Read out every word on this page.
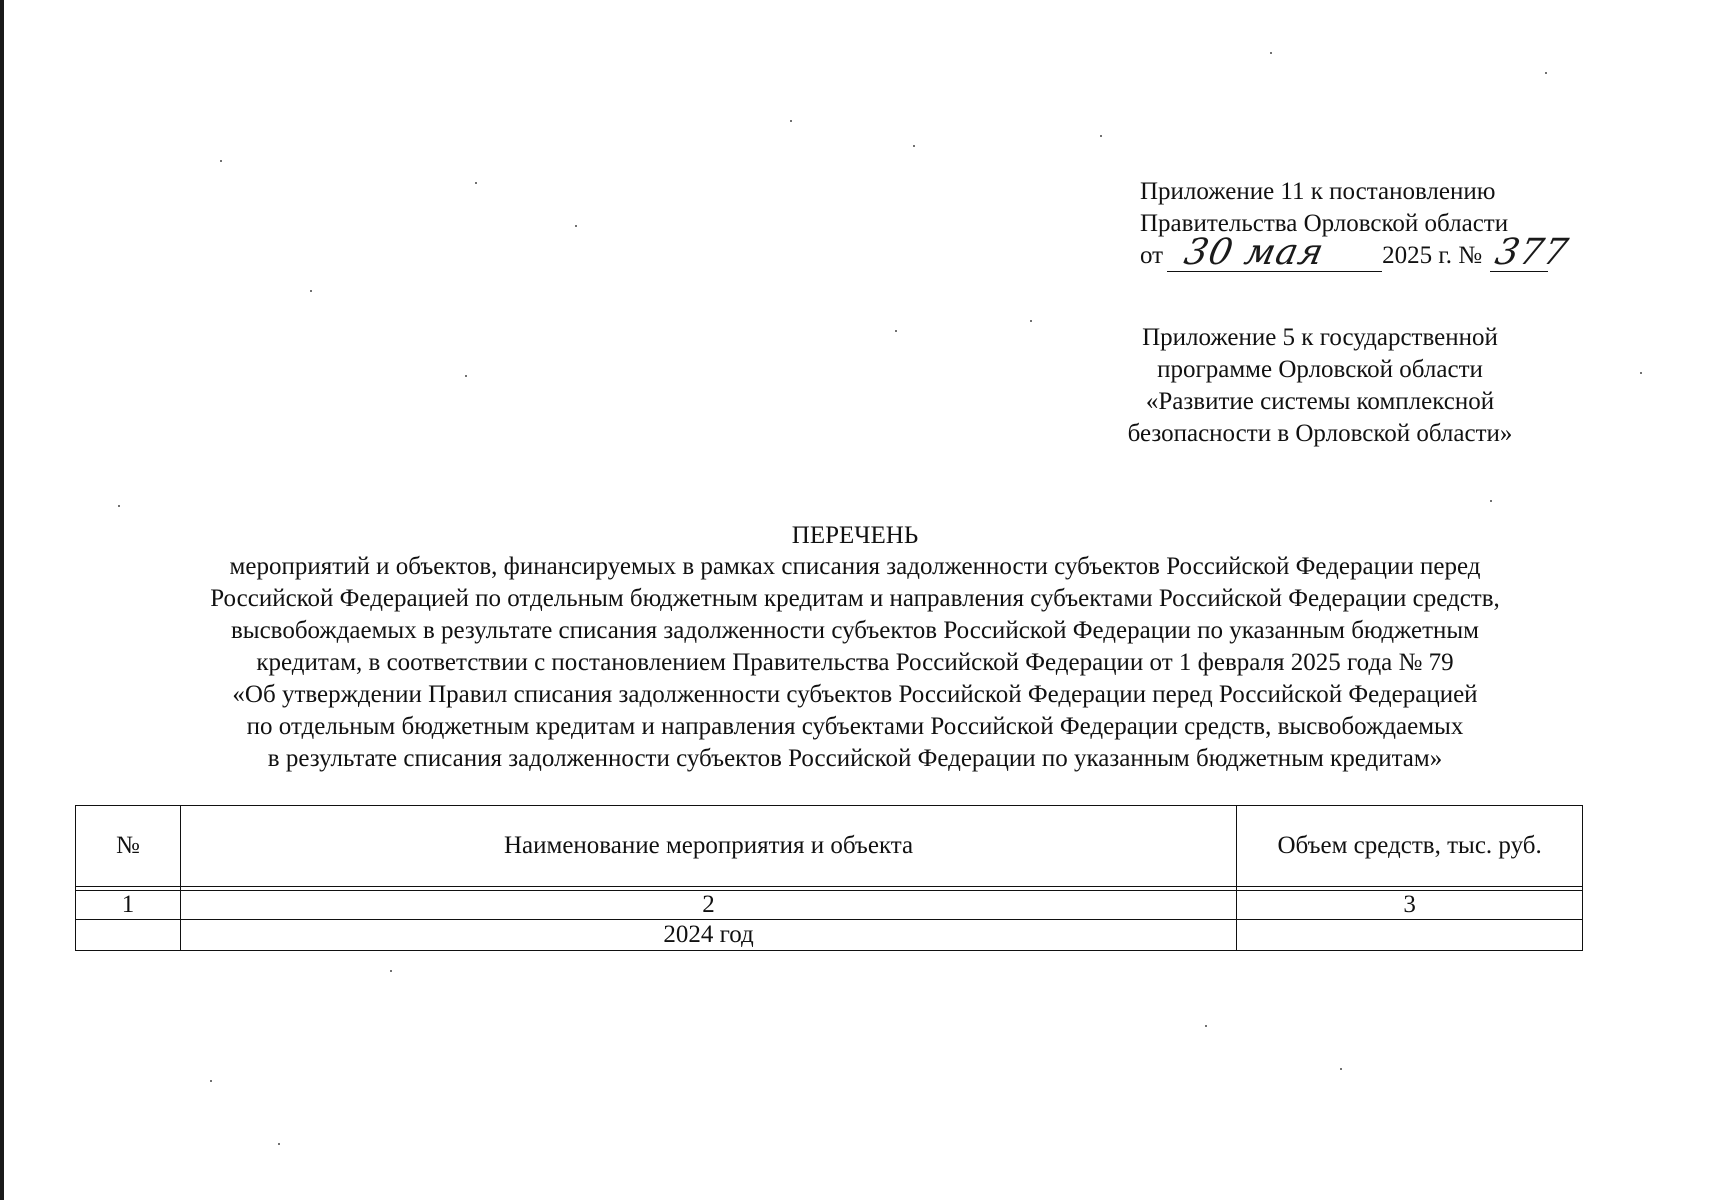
Приложение 11 к постановлению
Правительства Орловской области
от 30 мая 2025 г. № 377
Приложение 5 к государственной
программе Орловской области
«Развитие системы комплексной
безопасности в Орловской области»
ПЕРЕЧЕНЬ
мероприятий и объектов, финансируемых в рамках списания задолженности субъектов Российской Федерации перед
Российской Федерацией по отдельным бюджетным кредитам и направления субъектами Российской Федерации средств,
высвобождаемых в результате списания задолженности субъектов Российской Федерации по указанным бюджетным
кредитам, в соответствии с постановлением Правительства Российской Федерации от 1 февраля 2025 года № 79
«Об утверждении Правил списания задолженности субъектов Российской Федерации перед Российской Федерацией
по отдельным бюджетным кредитам и направления субъектами Российской Федерации средств, высвобождаемых
в результате списания задолженности субъектов Российской Федерации по указанным бюджетным кредитам»
№	Наименование мероприятия и объекта	Объем средств, тыс. руб.

1	2	3
	2024 год	
